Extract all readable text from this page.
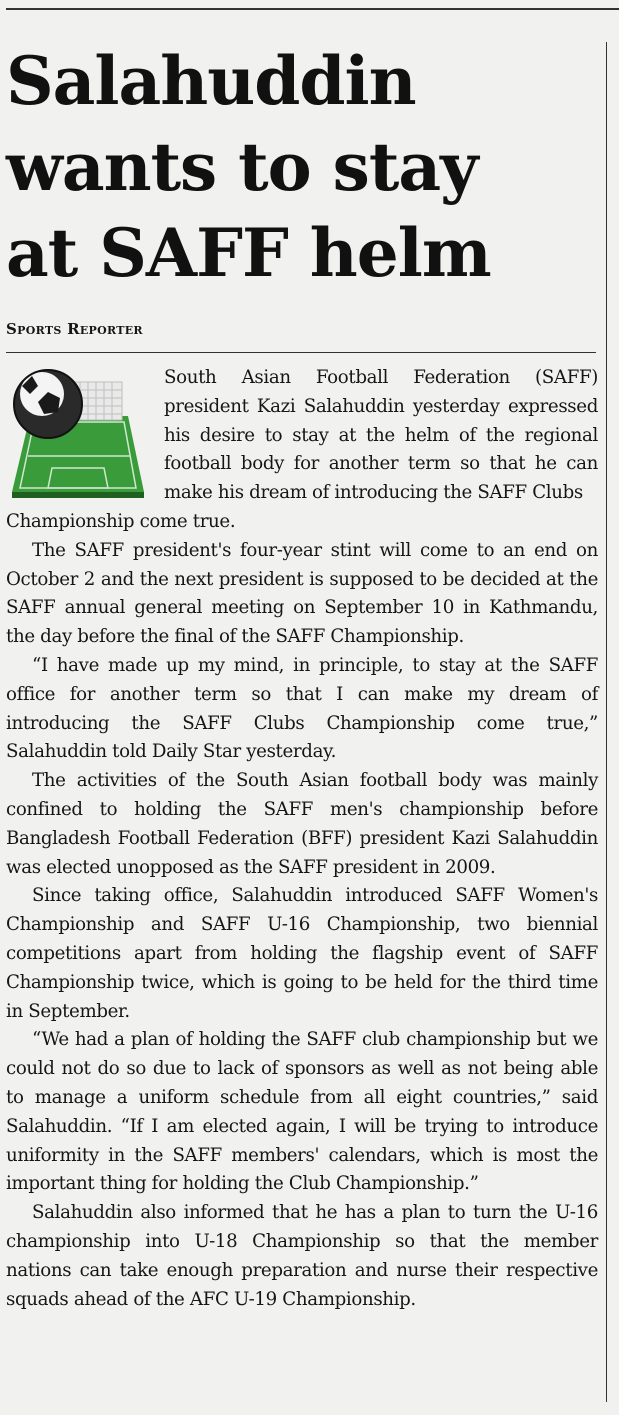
Salahuddin
wants to stay
at SAFF helm
Sports Reporter

South Asian Football Federation (SAFF) president Kazi Salahuddin yesterday expressed his desire to stay at the helm of the regional football body for another term so that he can make his dream of introducing the SAFF Clubs
Championship come true.

The SAFF president's four-year stint will come to an end on October 2 and the next president is supposed to be decided at the SAFF annual general meeting on September 10 in Kathmandu, the day before the final of the SAFF Championship.

“I have made up my mind, in principle, to stay at the SAFF office for another term so that I can make my dream of introducing the SAFF Clubs Championship come true,” Salahuddin told Daily Star yesterday.

The activities of the South Asian football body was mainly confined to holding the SAFF men's championship before Bangladesh Football Federation (BFF) president Kazi Salahuddin was elected unopposed as the SAFF president in 2009.

Since taking office, Salahuddin introduced SAFF Women's Championship and SAFF U-16 Championship, two biennial competitions apart from holding the flagship event of SAFF Championship twice, which is going to be held for the third time in September.

“We had a plan of holding the SAFF club championship but we could not do so due to lack of sponsors as well as not being able to manage a uniform schedule from all eight countries,” said Salahuddin. “If I am elected again, I will be trying to introduce uniformity in the SAFF members' calendars, which is most the important thing for holding the Club Championship.”

Salahuddin also informed that he has a plan to turn the U-16 championship into U-18 Championship so that the member nations can take enough preparation and nurse their respective squads ahead of the AFC U-19 Championship.
